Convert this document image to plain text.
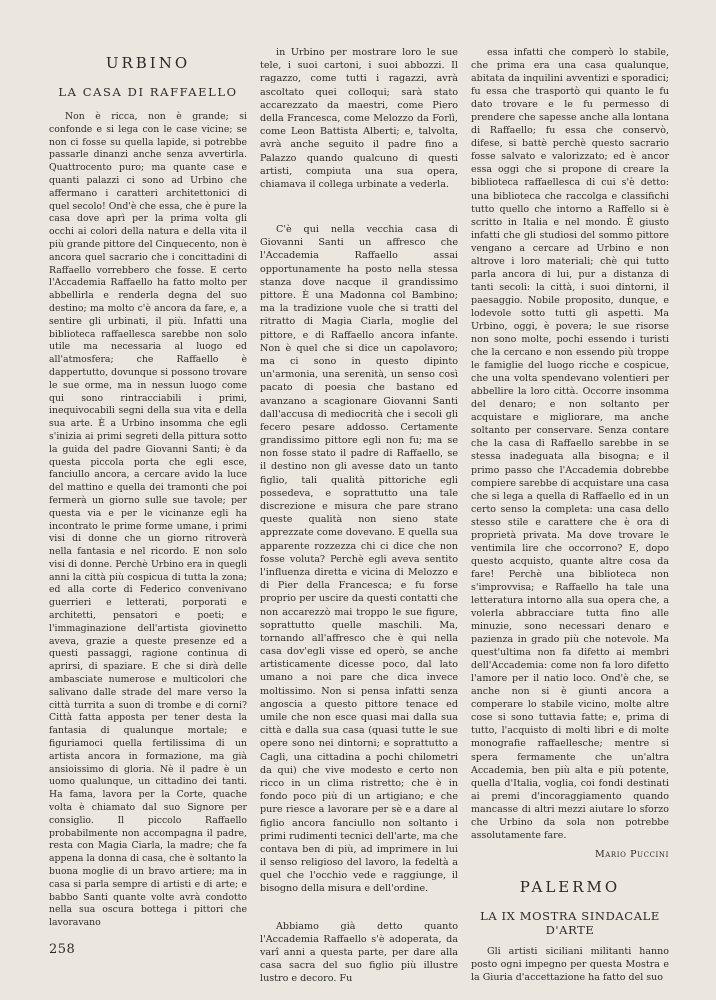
URBINO
LA CASA DI RAFFAELLO

Non è ricca, non è grande; si confonde e si lega con le case vicine; se non ci fosse su quella lapide, si potrebbe passarle dinanzi anche senza avvertirla. Quattrocento puro; ma quante case e quanti palazzi ci sono ad Urbino che affermano i caratteri architettonici di quel secolo! Ond'è che essa, che è pure la casa dove aprì per la prima volta gli occhi ai colori della natura e della vita il più grande pittore del Cinquecento, non è ancora quel sacrario che i concittadini di Raffaello vorrebbero che fosse. E certo l'Accademia Raffaello ha fatto molto per abbellirla e renderla degna del suo destino; ma molto c'è ancora da fare, e, a sentire gli urbinati, il più. Infatti una biblioteca raffaellesca sarebbe non solo utile ma necessaria al luogo ed all'atmosfera; che Raffaello è dappertutto, dovunque si possono trovare le sue orme, ma in nessun luogo come qui sono rintracciabili i primi, inequivocabili segni della sua vita e della sua arte. È a Urbino insomma che egli s'inizia ai primi segreti della pittura sotto la guida del padre Giovanni Santi; è da questa piccola porta che egli esce, fanciullo ancora, a cercare avido la luce del mattino e quella dei tramonti che poi fermerà un giorno sulle sue tavole; per questa via e per le vicinanze egli ha incontrato le prime forme umane, i primi visi di donne che un giorno ritroverà nella fantasia e nel ricordo. E non solo visi di donne. Perchè Urbino era in quegli anni la città più cospicua di tutta la zona; ed alla corte di Federico convenivano guerrieri e letterati, porporati e architetti, pensatori e poeti; e l'immaginazione dell'artista giovinetto aveva, grazie a queste presenze ed a questi passaggi, ragione continua di aprirsi, di spaziare. E che si dirà delle ambasciate numerose e multicolori che salivano dalle strade del mare verso la città turrita a suon di trombe e di corni? Città fatta apposta per tener desta la fantasia di qualunque mortale; e figuriamoci quella fertilissima di un artista ancora in formazione, ma già ansioissimo di gloria. Nè il padre è un uomo qualunque, un cittadino dei tanti. Ha fama, lavora per la Corte, quache volta è chiamato dal suo Signore per consiglio. Il piccolo Raffaello probabilmente non accompagna il padre, resta con Magia Ciarla, la madre; che fa appena la donna di casa, che è soltanto la buona moglie di un bravo artiere; ma in casa si parla sempre di artisti e di arte; e babbo Santi quante volte avrà condotto nella sua oscura bottega i pittori che lavoravano

in Urbino per mostrare loro le sue tele, i suoi cartoni, i suoi abbozzi. Il ragazzo, come tutti i ragazzi, avrà ascoltato quei colloqui; sarà stato accarezzato da maestri, come Piero della Francesca, come Melozzo da Forlì, come Leon Battista Alberti; e, talvolta, avrà anche seguito il padre fino a Palazzo quando qualcuno di questi artisti, compiuta una sua opera, chiamava il collega urbinate a vederla.

C'è qui nella vecchia casa di Giovanni Santi un affresco che l'Accademia Raffaello assai opportunamente ha posto nella stessa stanza dove nacque il grandissimo pittore. È una Madonna col Bambino; ma la tradizione vuole che si tratti del ritratto di Magia Ciarla, moglie del pittore, e di Raffaello ancora infante. Non è quel che si dice un capolavoro; ma ci sono in questo dipinto un'armonia, una serenità, un senso così pacato di poesia che bastano ed avanzano a scagionare Giovanni Santi dall'accusa di mediocrità che i secoli gli fecero pesare addosso. Certamente grandissimo pittore egli non fu; ma se non fosse stato il padre di Raffaello, se il destino non gli avesse dato un tanto figlio, tali qualità pittoriche egli possedeva, e soprattutto una tale discrezione e misura che pare strano queste qualità non sieno state apprezzate come dovevano. E quella sua apparente rozzezza chi ci dice che non fosse voluta? Perchè egli aveva sentito l'influenza diretta e vicina di Melozzo e di Pier della Francesca; e fu forse proprio per uscire da questi contatti che non accarezzò mai troppo le sue figure, soprattutto quelle maschili. Ma, tornando all'affresco che è qui nella casa dov'egli visse ed operò, se anche artisticamente dicesse poco, dal lato umano a noi pare che dica invece moltissimo. Non si pensa infatti senza angoscia a questo pittore tenace ed umile che non esce quasi mai dalla sua città e dalla sua casa (quasi tutte le sue opere sono nei dintorni; e soprattutto a Cagli, una cittadina a pochi chilometri da qui) che vive modesto e certo non ricco in un clima ristretto; che è in fondo poco più di un artigiano; e che pure riesce a lavorare per sè e a dare al figlio ancora fanciullo non soltanto i primi rudimenti tecnici dell'arte, ma che contava ben di più, ad imprimere in lui il senso religioso del lavoro, la fedeltà a quel che l'occhio vede e raggiunge, il bisogno della misura e dell'ordine.

Abbiamo già detto quanto l'Accademia Raffaello s'è adoperata, da varî anni a questa parte, per dare alla casa sacra del suo figlio più illustre lustro e decoro. Fu

essa infatti che comperò lo stabile, che prima era una casa qualunque, abitata da inquilini avventizi e sporadici; fu essa che trasportò qui quanto le fu dato trovare e le fu permesso di prendere che sapesse anche alla lontana di Raffaello; fu essa che conservò, difese, si battè perchè questo sacrario fosse salvato e valorizzato; ed è ancor essa oggi che si propone di creare la biblioteca raffaellesca di cui s'è detto: una biblioteca che raccolga e classifichi tutto quello che intorno a Raffello si è scritto in Italia e nel mondo. È giusto infatti che gli studiosi del sommo pittore vengano a cercare ad Urbino e non altrove i loro materiali; chè qui tutto parla ancora di lui, pur a distanza di tanti secoli: la città, i suoi dintorni, il paesaggio. Nobile proposito, dunque, e lodevole sotto tutti gli aspetti. Ma Urbino, oggi, è povera; le sue risorse non sono molte, pochi essendo i turisti che la cercano e non essendo più troppe le famiglie del luogo ricche e cospicue, che una volta spendevano volentieri per abbellire la loro città. Occorre insomma del denaro; e non soltanto per acquistare e migliorare, ma anche soltanto per conservare. Senza contare che la casa di Raffaello sarebbe in se stessa inadeguata alla bisogna; e il primo passo che l'Accademia dobrebbe compiere sarebbe di acquistare una casa che si lega a quella di Raffaello ed in un certo senso la completa: una casa dello stesso stile e carattere che è ora di proprietà privata. Ma dove trovare le ventimila lire che occorrono? E, dopo questo acquisto, quante altre cosa da fare! Perchè una biblioteca non s'improvvisa; e Raffaello ha tale una letteratura intorno alla sua opera che, a volerla abbracciare tutta fino alle minuzie, sono necessari denaro e pazienza in grado più che notevole. Ma quest'ultima non fa difetto ai membri dell'Accademia: come non fa loro difetto l'amore per il natio loco. Ond'è che, se anche non si è giunti ancora a comperare lo stabile vicino, molte altre cose si sono tuttavia fatte; e, prima di tutto, l'acquisto di molti libri e di molte monografie raffaellesche; mentre si spera fermamente che un'altra Accademia, ben più alta e più potente, quella d'Italia, voglia, coi fondi destinati ai premi d'incoraggiamento quando mancasse di altri mezzi aiutare lo sforzo che Urbino da sola non potrebbe assolutamente fare.

Mario Puccini
PALERMO
LA IX MOSTRA SINDACALE D'ARTE

Gli artisti siciliani militanti hanno posto ogni impegno per questa Mostra e la Giuria d'accettazione ha fatto del suo

258
